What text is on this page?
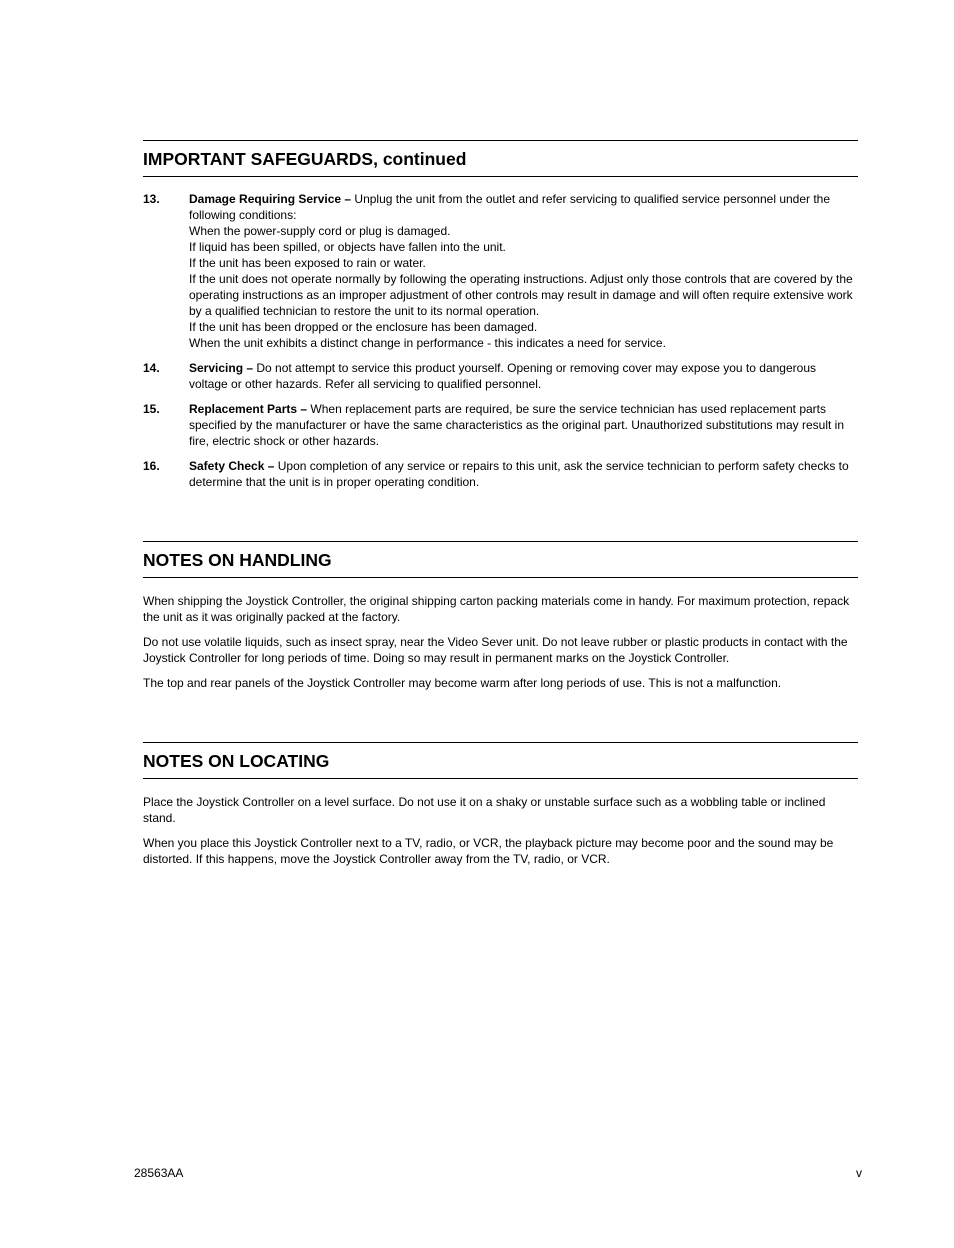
IMPORTANT SAFEGUARDS, continued
13.	Damage Requiring Service – Unplug the unit from the outlet and refer servicing to qualified service personnel under the following conditions:

When the power-supply cord or plug is damaged.

If liquid has been spilled, or objects have fallen into the unit.

If the unit has been exposed to rain or water.

If the unit does not operate normally by following the operating instructions. Adjust only those controls that are covered by the operating instructions as an improper adjustment of other controls may result in damage and will often require extensive work by a qualified technician to restore the unit to its normal operation.

If the unit has been dropped or the enclosure has been damaged.

When the unit exhibits a distinct change in performance - this indicates a need for service.

14.	Servicing – Do not attempt to service this product yourself. Opening or removing cover may expose you to dangerous voltage or other hazards. Refer all servicing to qualified personnel.

15.	Replacement Parts – When replacement parts are required, be sure the service technician has used replacement parts specified by the manufacturer or have the same characteristics as the original part. Unauthorized substitutions may result in fire, electric shock or other hazards.

16.	Safety Check – Upon completion of any service or repairs to this unit, ask the service technician to perform safety checks to determine that the unit is in proper operating condition.

NOTES ON HANDLING

When shipping the Joystick Controller, the original shipping carton packing materials come in handy. For maximum protection, repack the unit as it was originally packed at the factory.

Do not use volatile liquids, such as insect spray, near the Video Sever unit. Do not leave rubber or plastic products in contact with the Joystick Controller for long periods of time. Doing so may result in permanent marks on the Joystick Controller.

The top and rear panels of the Joystick Controller may become warm after long periods of use. This is not a malfunction.

NOTES ON LOCATING

Place the Joystick Controller on a level surface. Do not use it on a shaky or unstable surface such as a wobbling table or inclined stand.

When you place this Joystick Controller next to a TV, radio, or VCR, the playback picture may become poor and the sound may be distorted. If this happens, move the Joystick Controller away from the TV, radio, or VCR.

28563AA	v
